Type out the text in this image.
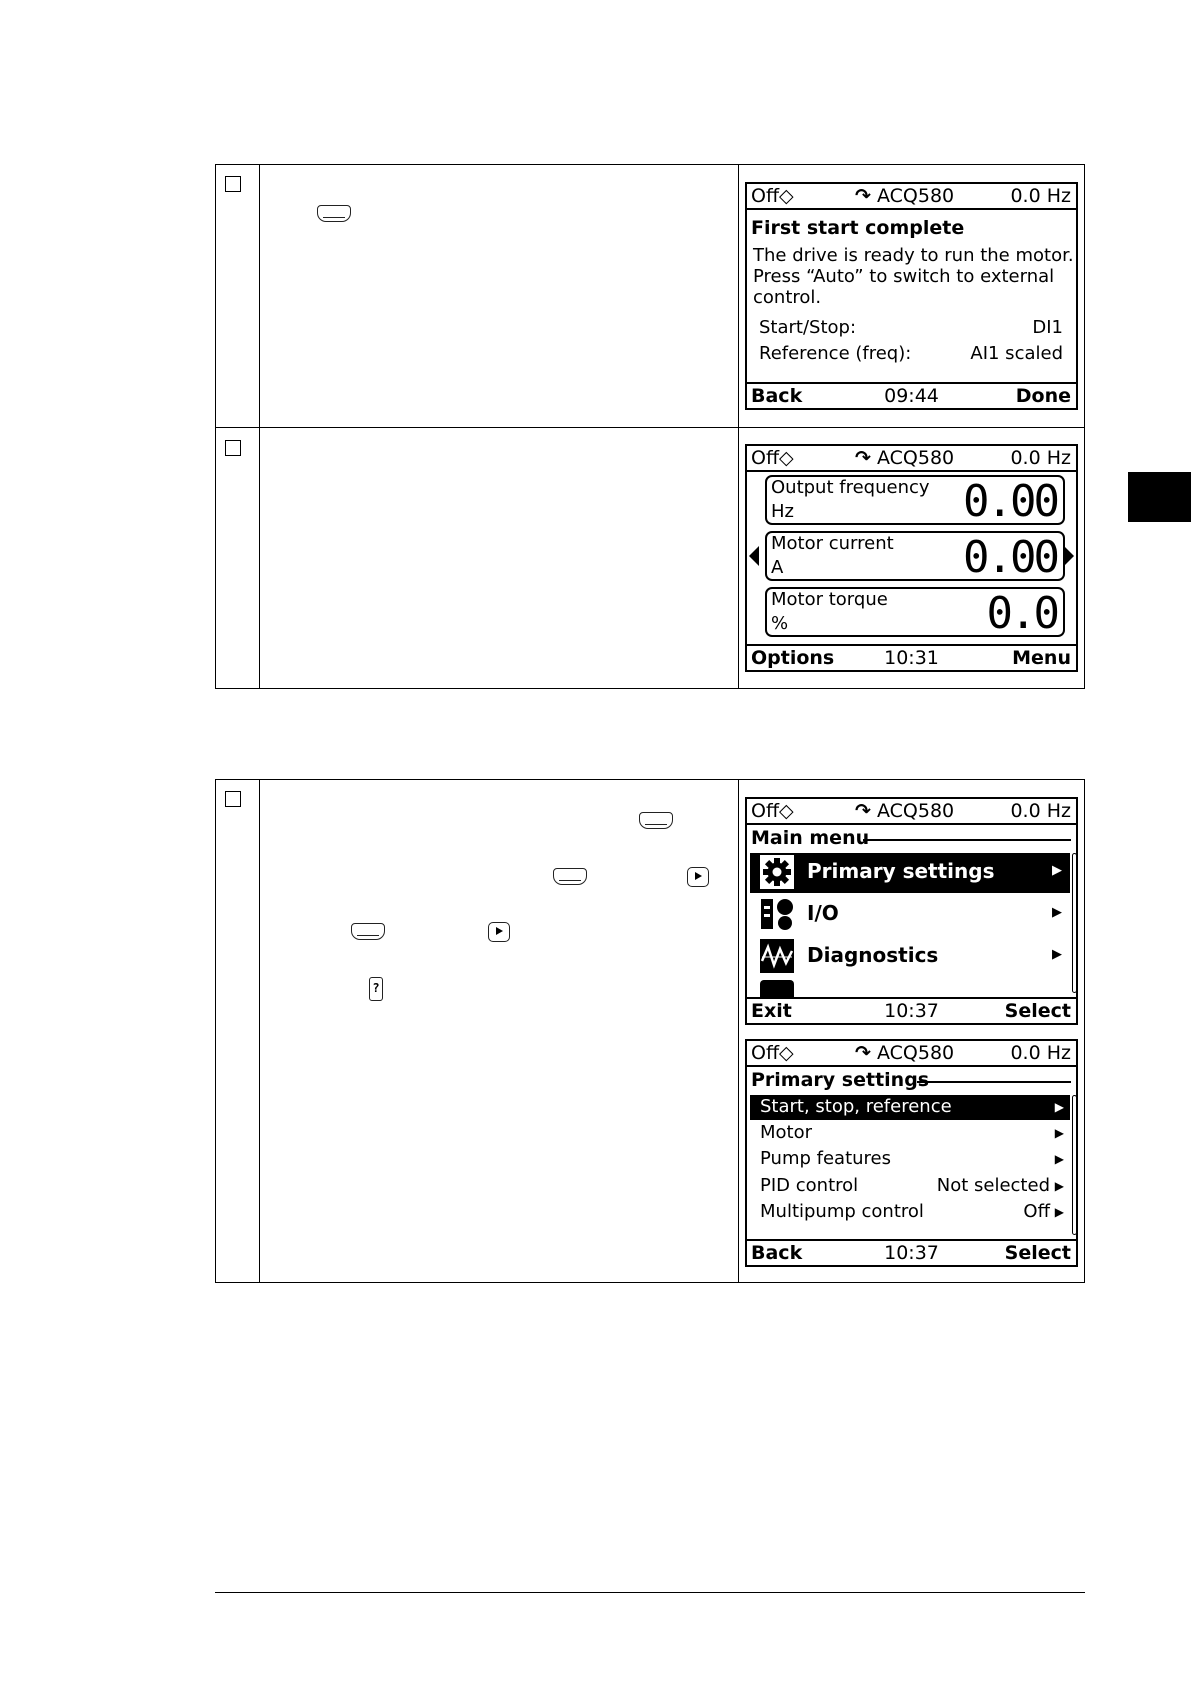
Off◇	↷ ACQ580	0.0 Hz
First start complete
The drive is ready to run the motor.
Press “Auto” to switch to external
control.
Start/Stop:	DI1
Reference (freq):	AI1 scaled
09:44
Back	Done
Off◇	↷ ACQ580	0.0 Hz
Output frequency
Hz	0.00
Motor current
A	0.00
Motor torque
%	0.0
10:31
Options	Menu
?
Off◇	↷ ACQ580	0.0 Hz
Main menu
Primary settings	▶
I/O	▶
Diagnostics	▶
10:37
Exit	Select
Off◇	↷ ACQ580	0.0 Hz
Primary settings
Start, stop, reference	▶
Motor	▶
Pump features	▶
PID control	Not selected ▶
Multipump control	Off ▶
10:37
Back	Select
